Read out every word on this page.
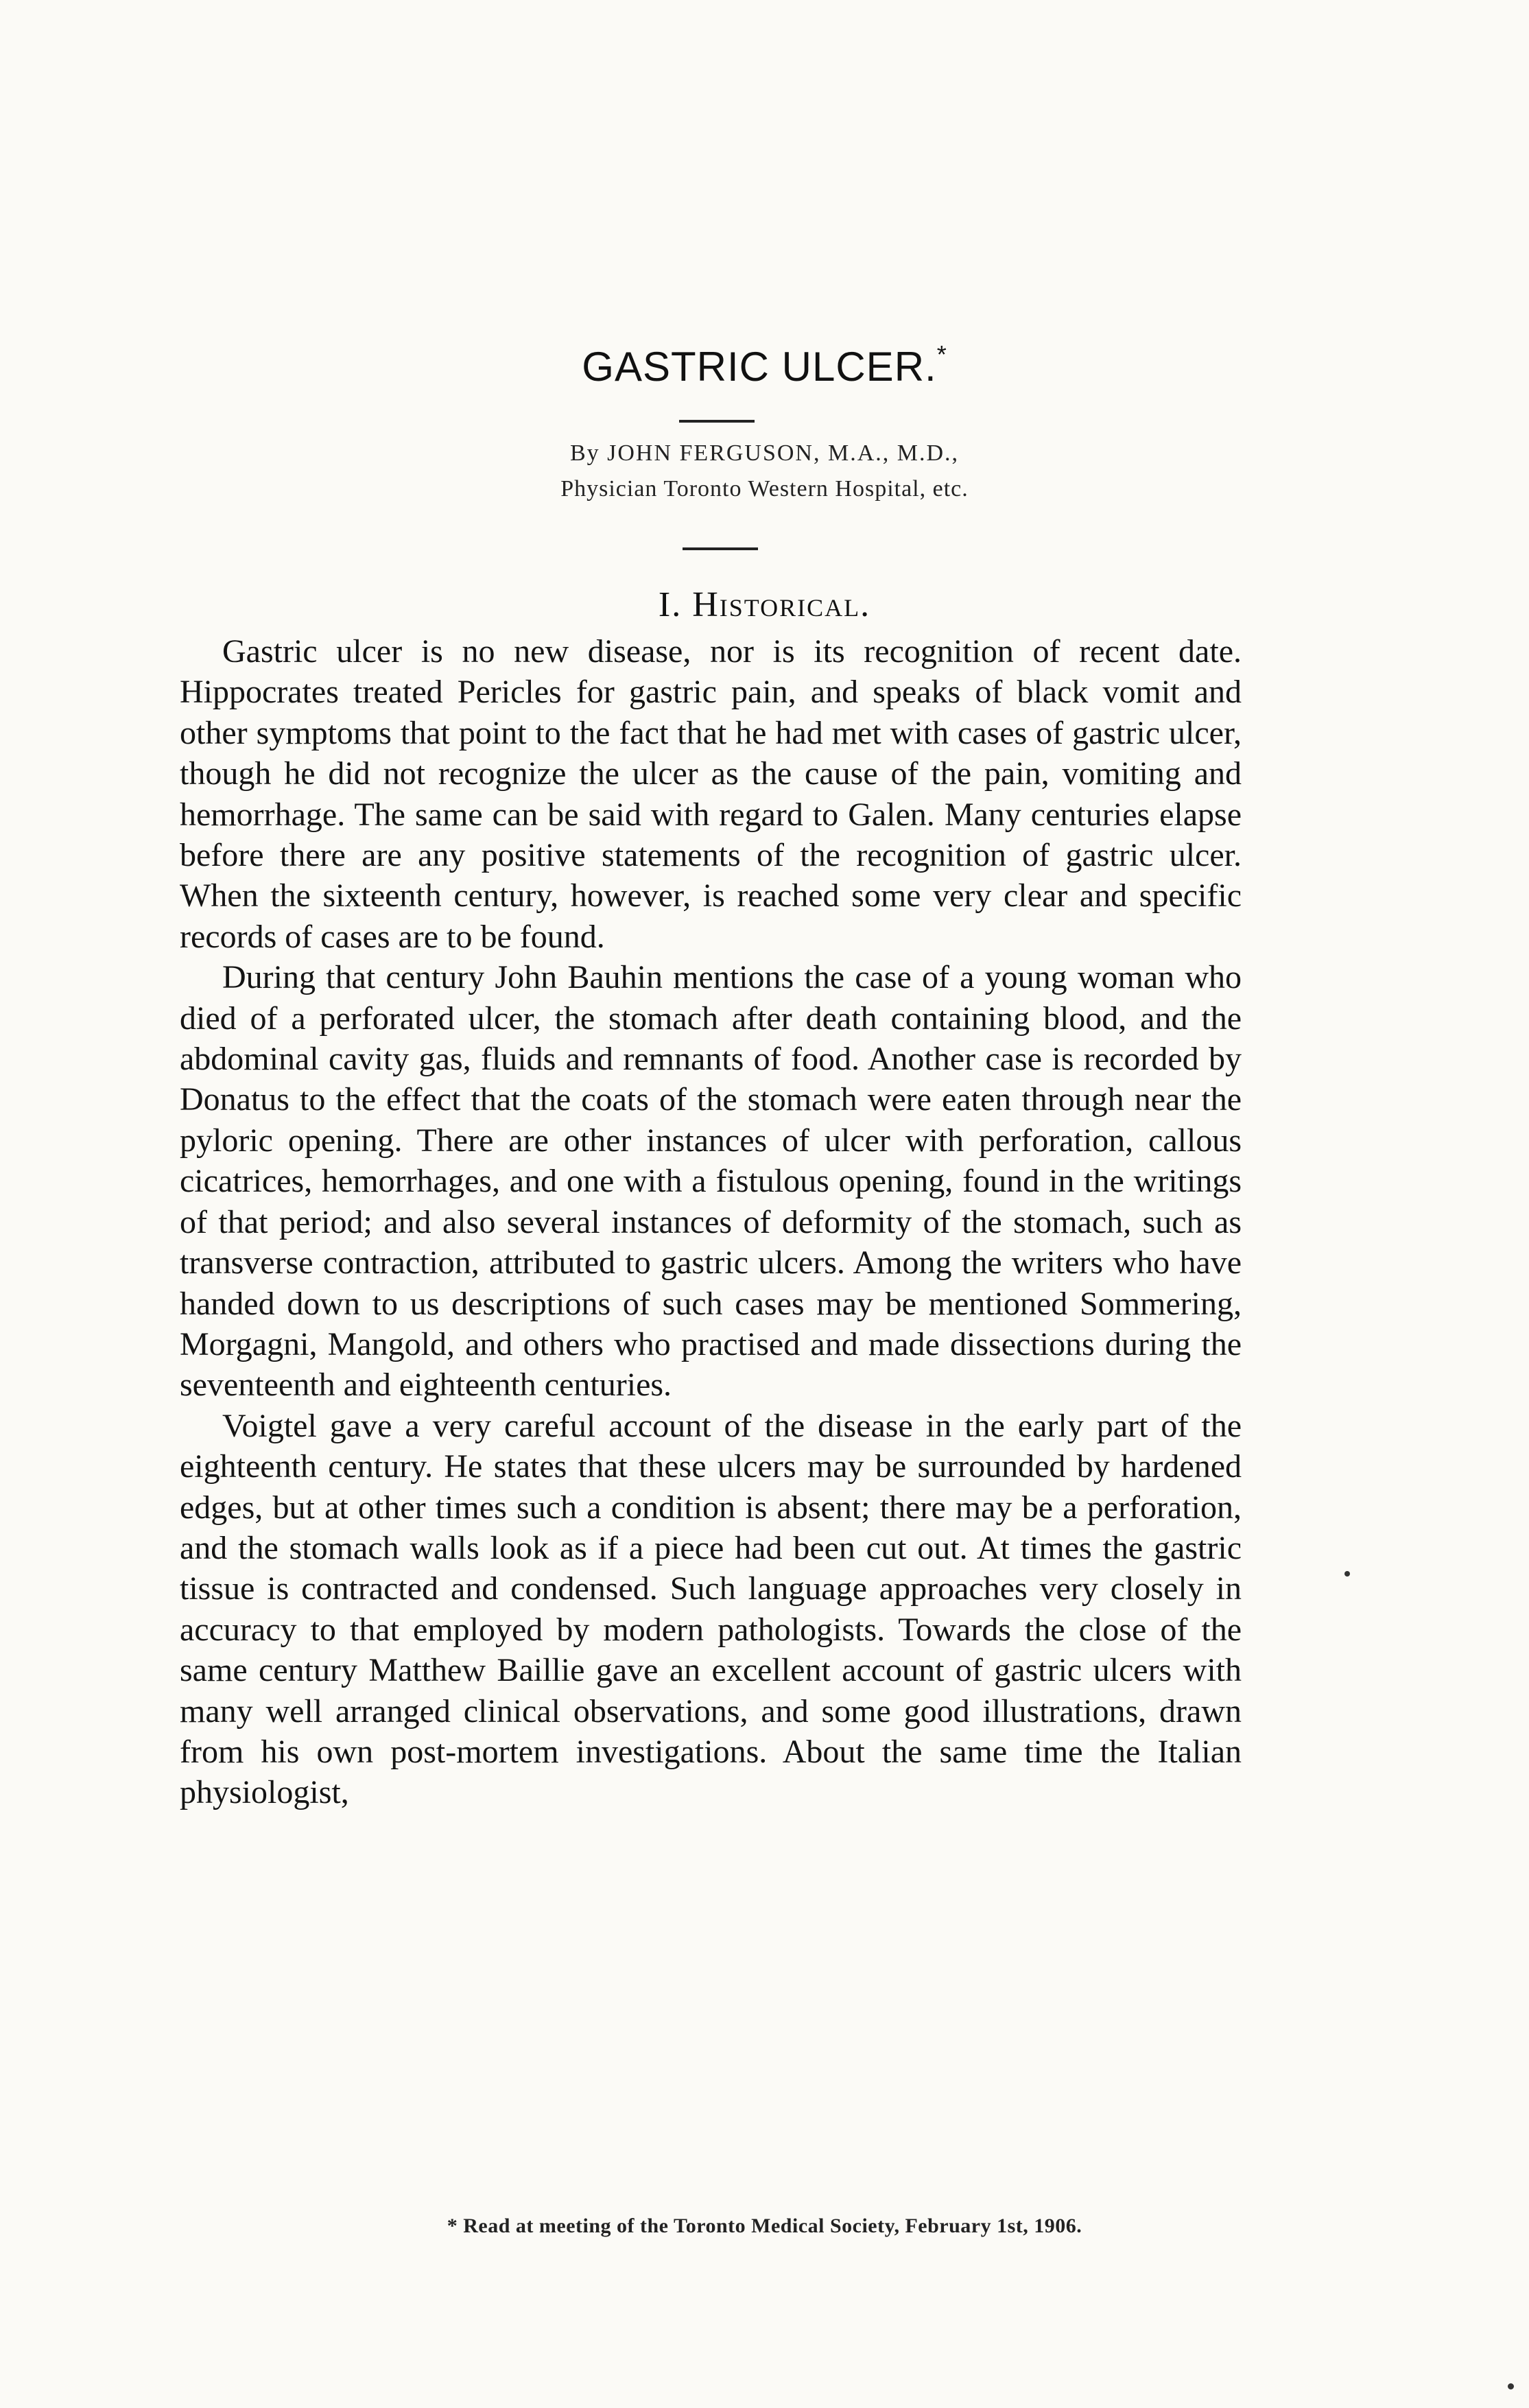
GASTRIC ULCER.*
By JOHN FERGUSON, M.A., M.D.,
Physician Toronto Western Hospital, etc.
I. Historical.

Gastric ulcer is no new disease, nor is its recognition of recent date. Hippocrates treated Pericles for gastric pain, and speaks of black vomit and other symptoms that point to the fact that he had met with cases of gastric ulcer, though he did not recognize the ulcer as the cause of the pain, vomiting and hemorrhage. The same can be said with regard to Galen. Many centuries elapse before there are any positive statements of the recognition of gastric ulcer. When the sixteenth century, however, is reached some very clear and specific records of cases are to be found.

During that century John Bauhin mentions the case of a young woman who died of a perforated ulcer, the stomach after death containing blood, and the abdominal cavity gas, fluids and remnants of food. Another case is recorded by Donatus to the effect that the coats of the stomach were eaten through near the pyloric opening. There are other instances of ulcer with perforation, callous cicatrices, hemorrhages, and one with a fistulous opening, found in the writings of that period; and also several instances of deformity of the stomach, such as transverse contraction, attributed to gastric ulcers. Among the writers who have handed down to us descriptions of such cases may be mentioned Sommering, Morgagni, Mangold, and others who practised and made dissections during the seventeenth and eighteenth centuries.

Voigtel gave a very careful account of the disease in the early part of the eighteenth century. He states that these ulcers may be surrounded by hardened edges, but at other times such a condition is absent; there may be a perforation, and the stomach walls look as if a piece had been cut out. At times the gastric tissue is contracted and condensed. Such language approaches very closely in accuracy to that employed by modern pathologists. Towards the close of the same century Matthew Baillie gave an excellent account of gastric ulcers with many well arranged clinical observations, and some good illustrations, drawn from his own post-mortem investigations. About the same time the Italian physiologist,

* Read at meeting of the Toronto Medical Society, February 1st, 1906.
